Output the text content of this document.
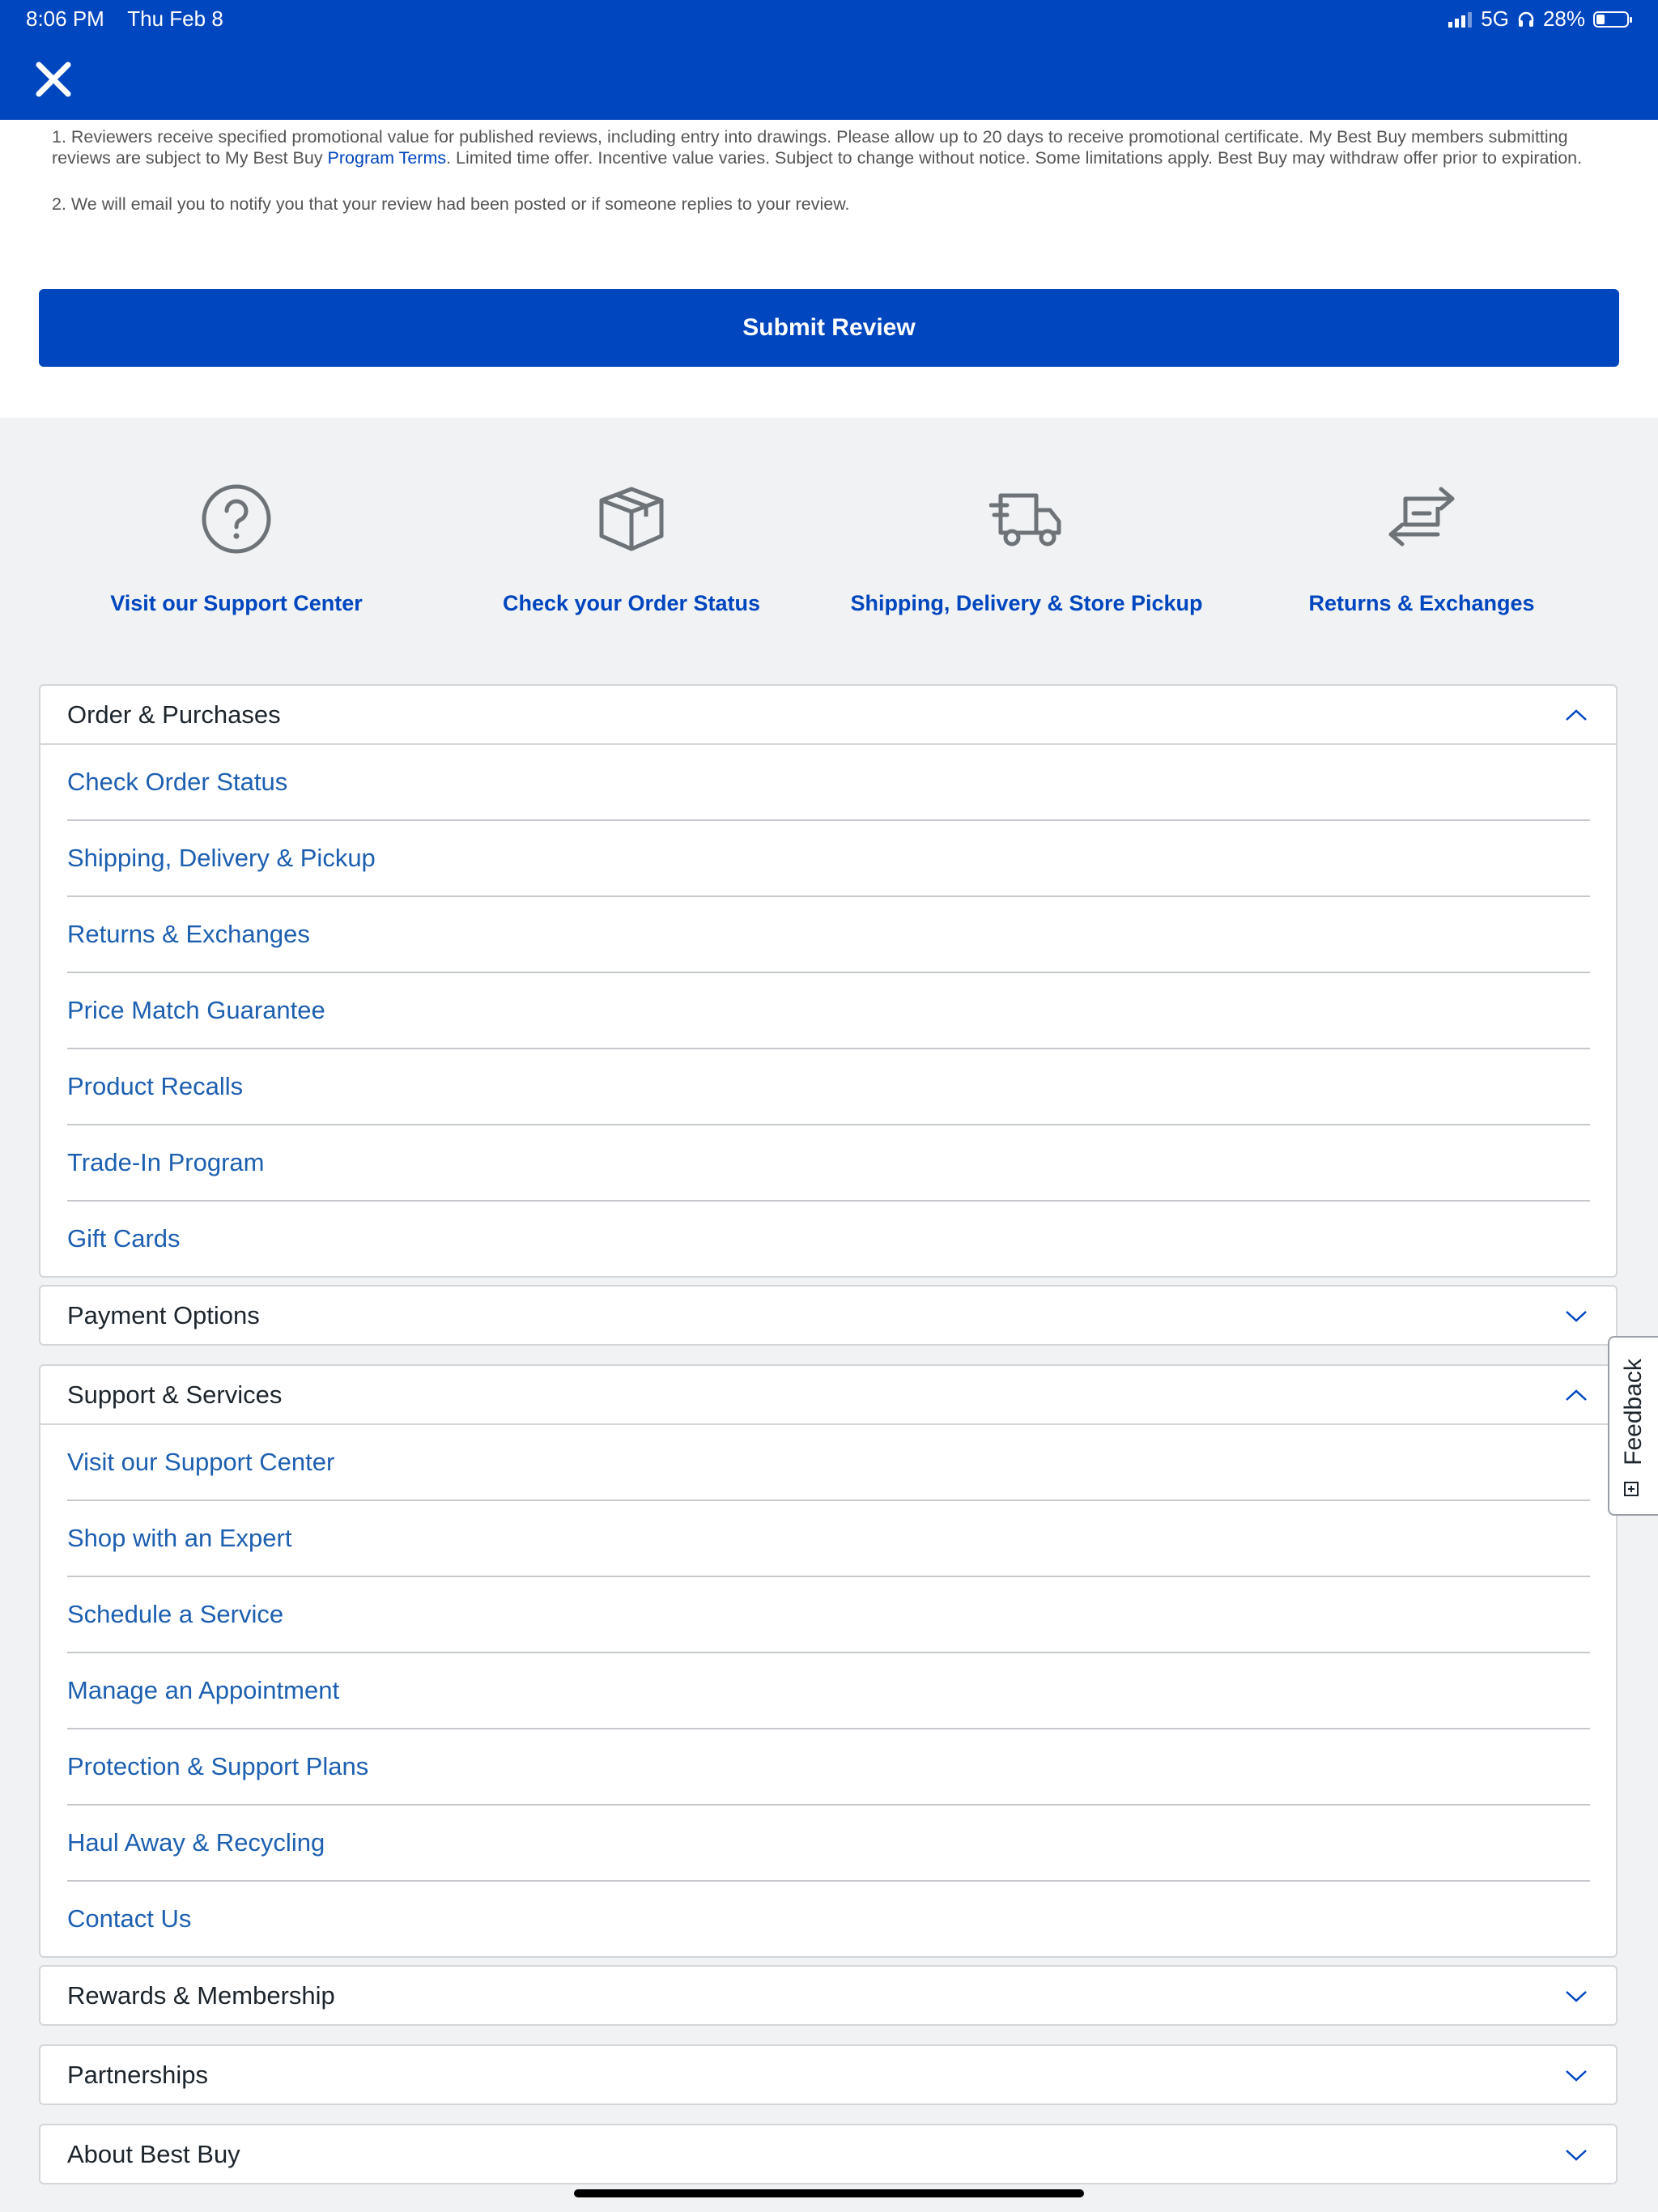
8:06 PM Thu Feb 8	5G 28%

1. Reviewers receive specified promotional value for published reviews, including entry into drawings. Please allow up to 20 days to receive promotional certificate. My Best Buy members submitting reviews are subject to My Best Buy Program Terms. Limited time offer. Incentive value varies. Subject to change without notice. Some limitations apply. Best Buy may withdraw offer prior to expiration.

2. We will email you to notify you that your review had been posted or if someone replies to your review.

Submit Review
Visit our Support Center	Check your Order Status	Shipping, Delivery & Store Pickup	Returns & Exchanges
Order & Purchases
Check Order Status
Shipping, Delivery & Pickup
Returns & Exchanges
Price Match Guarantee
Product Recalls
Trade-In Program
Gift Cards
Payment Options
Support & Services
Visit our Support Center
Shop with an Expert
Schedule a Service
Manage an Appointment
Protection & Support Plans
Haul Away & Recycling
Contact Us
Rewards & Membership
Partnerships
About Best Buy
Feedback
